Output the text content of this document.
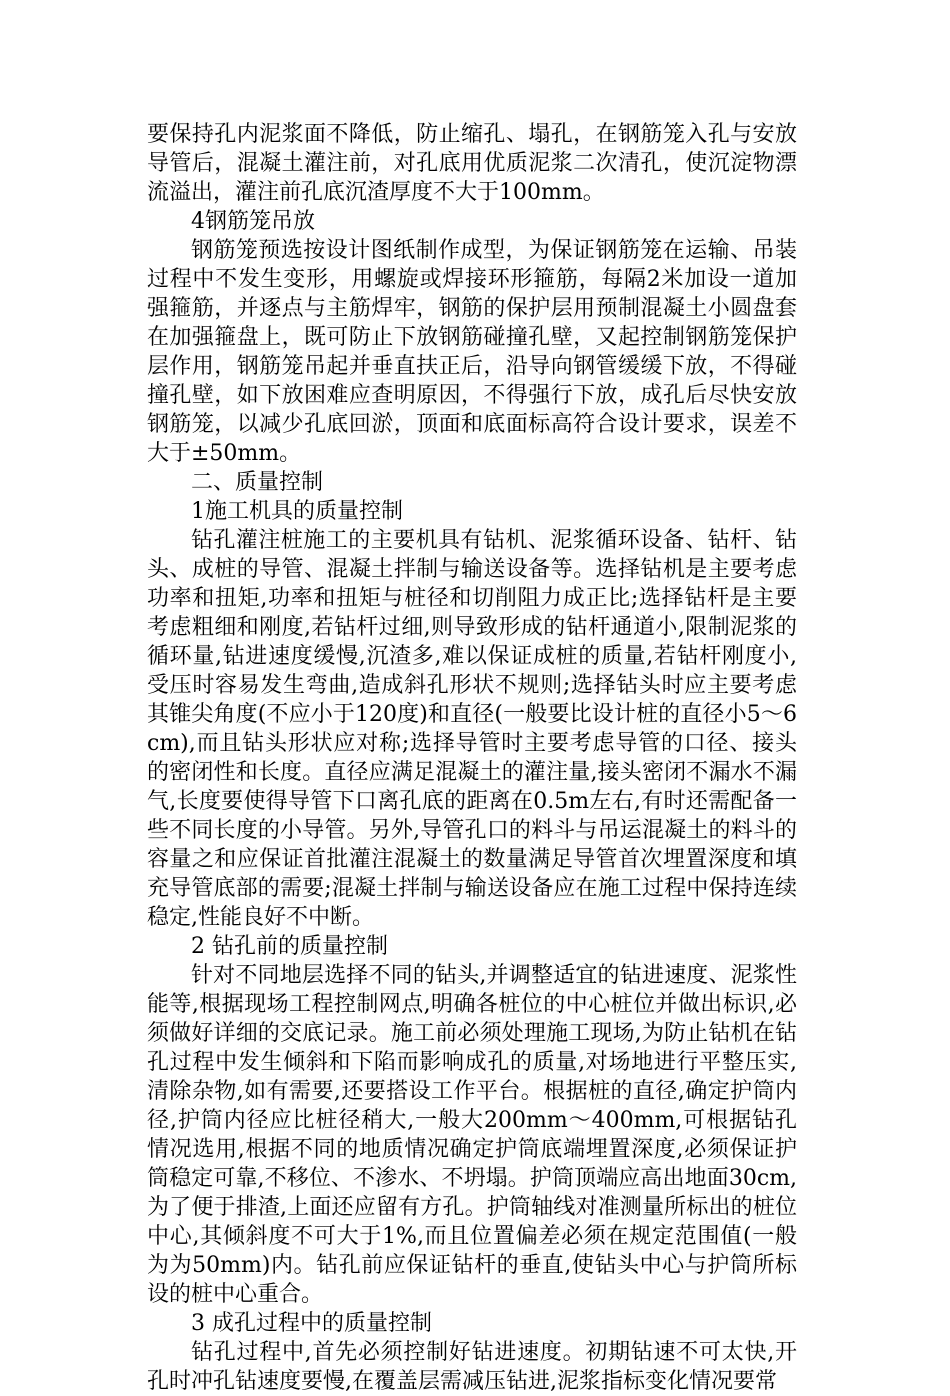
要保持孔内泥浆面不降低，防止缩孔、塌孔，在钢筋笼入孔与安放导管后，混凝土灌注前，对孔底用优质泥浆二次清孔，使沉淀物漂流溢出，灌注前孔底沉渣厚度不大于100mm。

4钢筋笼吊放

钢筋笼预选按设计图纸制作成型，为保证钢筋笼在运输、吊装过程中不发生变形，用螺旋或焊接环形箍筋，每隔2米加设一道加强箍筋，并逐点与主筋焊牢，钢筋的保护层用预制混凝土小圆盘套在加强箍盘上，既可防止下放钢筋碰撞孔壁，又起控制钢筋笼保护层作用，钢筋笼吊起并垂直扶正后，沿导向钢管缓缓下放，不得碰撞孔壁，如下放困难应查明原因，不得强行下放，成孔后尽快安放钢筋笼，以减少孔底回淤，顶面和底面标高符合设计要求，误差不大于±50mm。

二、质量控制

1施工机具的质量控制

钻孔灌注桩施工的主要机具有钻机、泥浆循环设备、钻杆、钻头、成桩的导管、混凝土拌制与输送设备等。选择钻机是主要考虑功率和扭矩,功率和扭矩与桩径和切削阻力成正比;选择钻杆是主要考虑粗细和刚度,若钻杆过细,则导致形成的钻杆通道小,限制泥浆的循环量,钻进速度缓慢,沉渣多,难以保证成桩的质量,若钻杆刚度小,受压时容易发生弯曲,造成斜孔形状不规则;选择钻头时应主要考虑其锥尖角度(不应小于120度)和直径(一般要比设计桩的直径小5～6cm),而且钻头形状应对称;选择导管时主要考虑导管的口径、接头的密闭性和长度。直径应满足混凝土的灌注量,接头密闭不漏水不漏气,长度要使得导管下口离孔底的距离在0.5m左右,有时还需配备一些不同长度的小导管。另外,导管孔口的料斗与吊运混凝土的料斗的容量之和应保证首批灌注混凝土的数量满足导管首次埋置深度和填充导管底部的需要;混凝土拌制与输送设备应在施工过程中保持连续稳定,性能良好不中断。

2 钻孔前的质量控制

针对不同地层选择不同的钻头,并调整适宜的钻进速度、泥浆性能等,根据现场工程控制网点,明确各桩位的中心桩位并做出标识,必须做好详细的交底记录。施工前必须处理施工现场,为防止钻机在钻孔过程中发生倾斜和下陷而影响成孔的质量,对场地进行平整压实,清除杂物,如有需要,还要搭设工作平台。根据桩的直径,确定护筒内径,护筒内径应比桩径稍大,一般大200mm～400mm,可根据钻孔情况选用,根据不同的地质情况确定护筒底端埋置深度,必须保证护筒稳定可靠,不移位、不渗水、不坍塌。护筒顶端应高出地面30cm,为了便于排渣,上面还应留有方孔。护筒轴线对准测量所标出的桩位中心,其倾斜度不可大于1%,而且位置偏差必须在规定范围值(一般为为50mm)内。钻孔前应保证钻杆的垂直,使钻头中心与护筒所标设的桩中心重合。

3 成孔过程中的质量控制

钻孔过程中,首先必须控制好钻进速度。初期钻速不可太快,开孔时冲孔钻速度要慢,在覆盖层需减压钻进,泥浆指标变化情况要常
